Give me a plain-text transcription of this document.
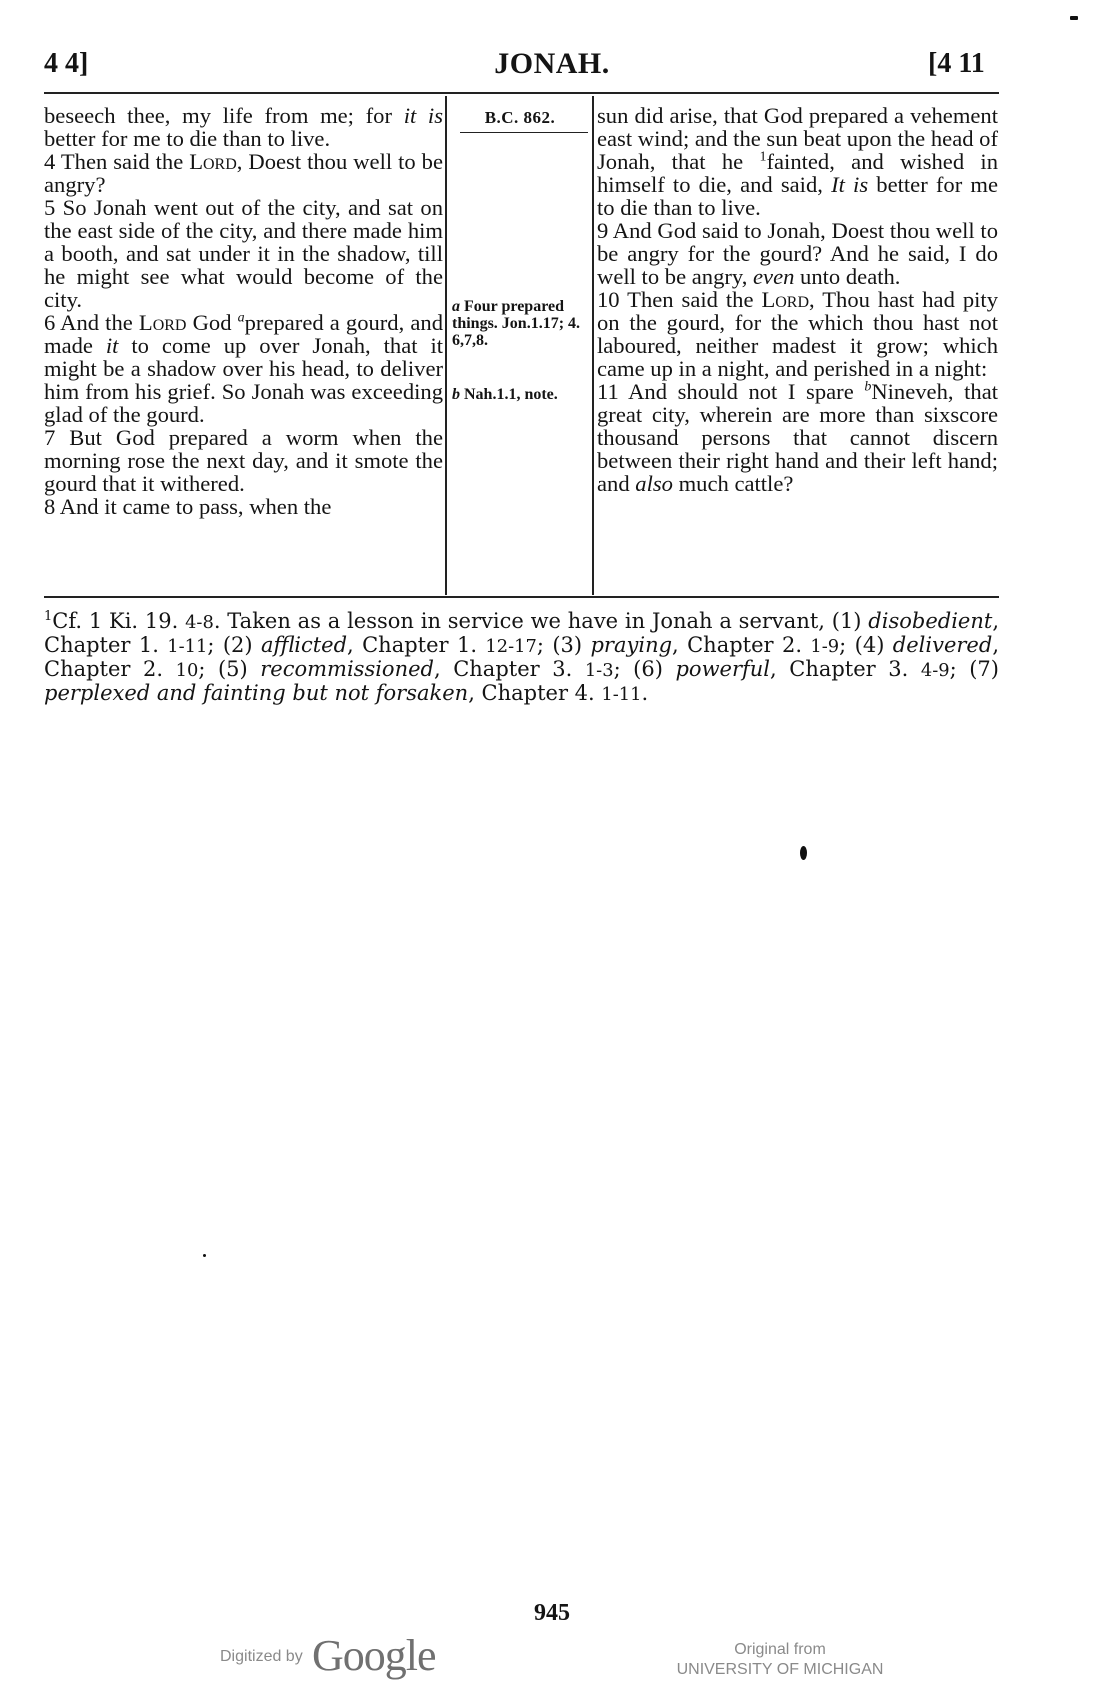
4 4]	JONAH.	[4 11

beseech thee, my life from me; for it is better for me to die than to live.

4 Then said the Lord, Doest thou well to be angry?

5 So Jonah went out of the city, and sat on the east side of the city, and there made him a booth, and sat under it in the shadow, till he might see what would become of the city.

6 And the Lord God $^a$prepared a gourd, and made it to come up over Jonah, that it might be a shadow over his head, to deliver him from his grief. So Jonah was exceeding glad of the gourd.

7 But God prepared a worm when the morning rose the next day, and it smote the gourd that it withered.

8 And it came to pass, when the

B.C. 862.
a Four prepared things. Jon.1.17; 4. 6,7,8.
b Nah.1.1, note.

sun did arise, that God prepared a vehement east wind; and the sun beat upon the head of Jonah, that he $^1$fainted, and wished in himself to die, and said, It is better for me to die than to live.

9 And God said to Jonah, Doest thou well to be angry for the gourd? And he said, I do well to be angry, even unto death.

10 Then said the Lord, Thou hast had pity on the gourd, for the which thou hast not laboured, neither madest it grow; which came up in a night, and perished in a night:

11 And should not I spare $^b$Nineveh, that great city, wherein are more than sixscore thousand persons that cannot discern between their right hand and their left hand; and also much cattle?

$^1$Cf. 1 Ki. 19. 4-8. Taken as a lesson in service we have in Jonah a servant, (1) disobedient, Chapter 1. 1-11; (2) afflicted, Chapter 1. 12-17; (3) praying, Chapter 2. 1-9; (4) delivered, Chapter 2. 10; (5) recommissioned, Chapter 3. 1-3; (6) powerful, Chapter 3. 4-9; (7) perplexed and fainting but not forsaken, Chapter 4. 1-11.

945
Digitized by Google	Original from
UNIVERSITY OF MICHIGAN
